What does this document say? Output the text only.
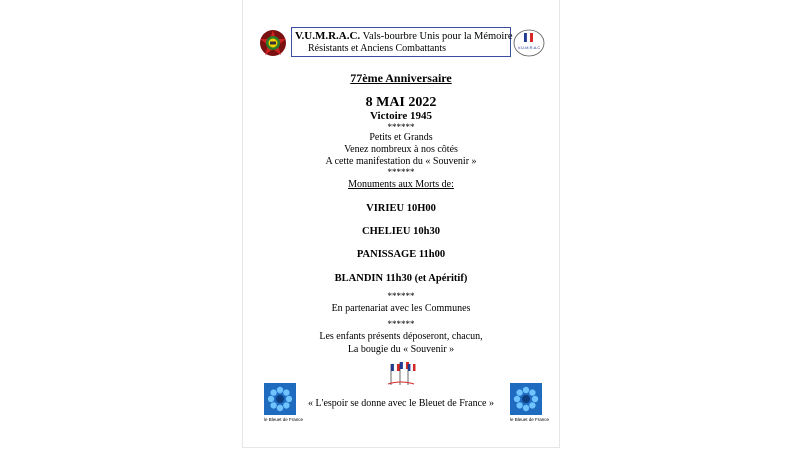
V.U.M.R.A.C. Vals-bourbre Unis pour la Mémoire
Résistants et Anciens Combattants	V.U.M.R.A.C
77ème Anniversaire
8 MAI 2022
Victoire 1945
******
Petits et Grands
Venez nombreux à nos côtés
A cette manifestation du « Souvenir »
******
Monuments aux Morts de:
VIRIEU 10H00
CHELIEU 10h30
PANISSAGE 11h00
BLANDIN 11h30 (et Apéritif)
******
En partenariat avec les Communes
******
Les enfants présents déposeront, chacun,
La bougie du « Souvenir »
le Bleuet de France
« L'espoir se donne avec le Bleuet de France »
le Bleuet de France
